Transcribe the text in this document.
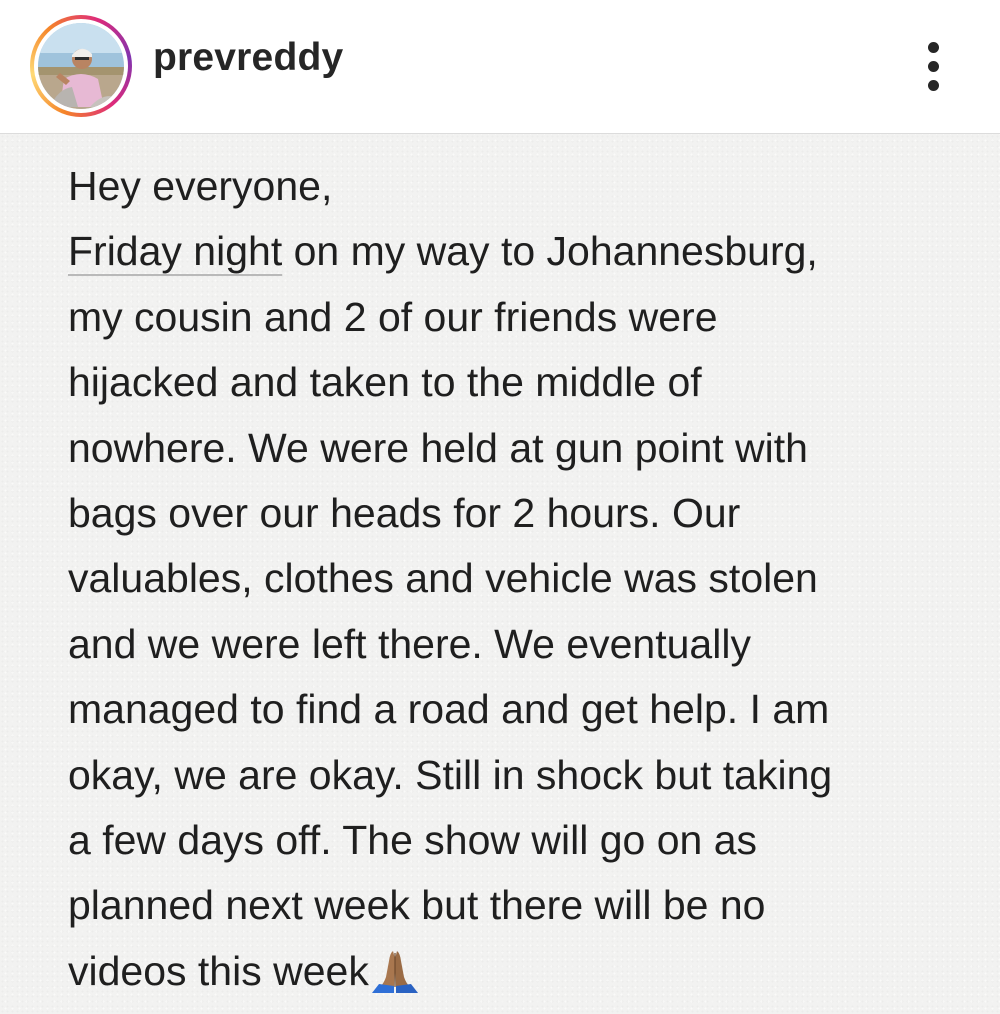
prevreddy
Hey everyone,
Friday night on my way to Johannesburg,
my cousin and 2 of our friends were
hijacked and taken to the middle of
nowhere. We were held at gun point with
bags over our heads for 2 hours. Our
valuables, clothes and vehicle was stolen
and we were left there. We eventually
managed to find a road and get help. I am
okay, we are okay. Still in shock but taking
a few days off. The show will go on as
planned next week but there will be no
videos this week
